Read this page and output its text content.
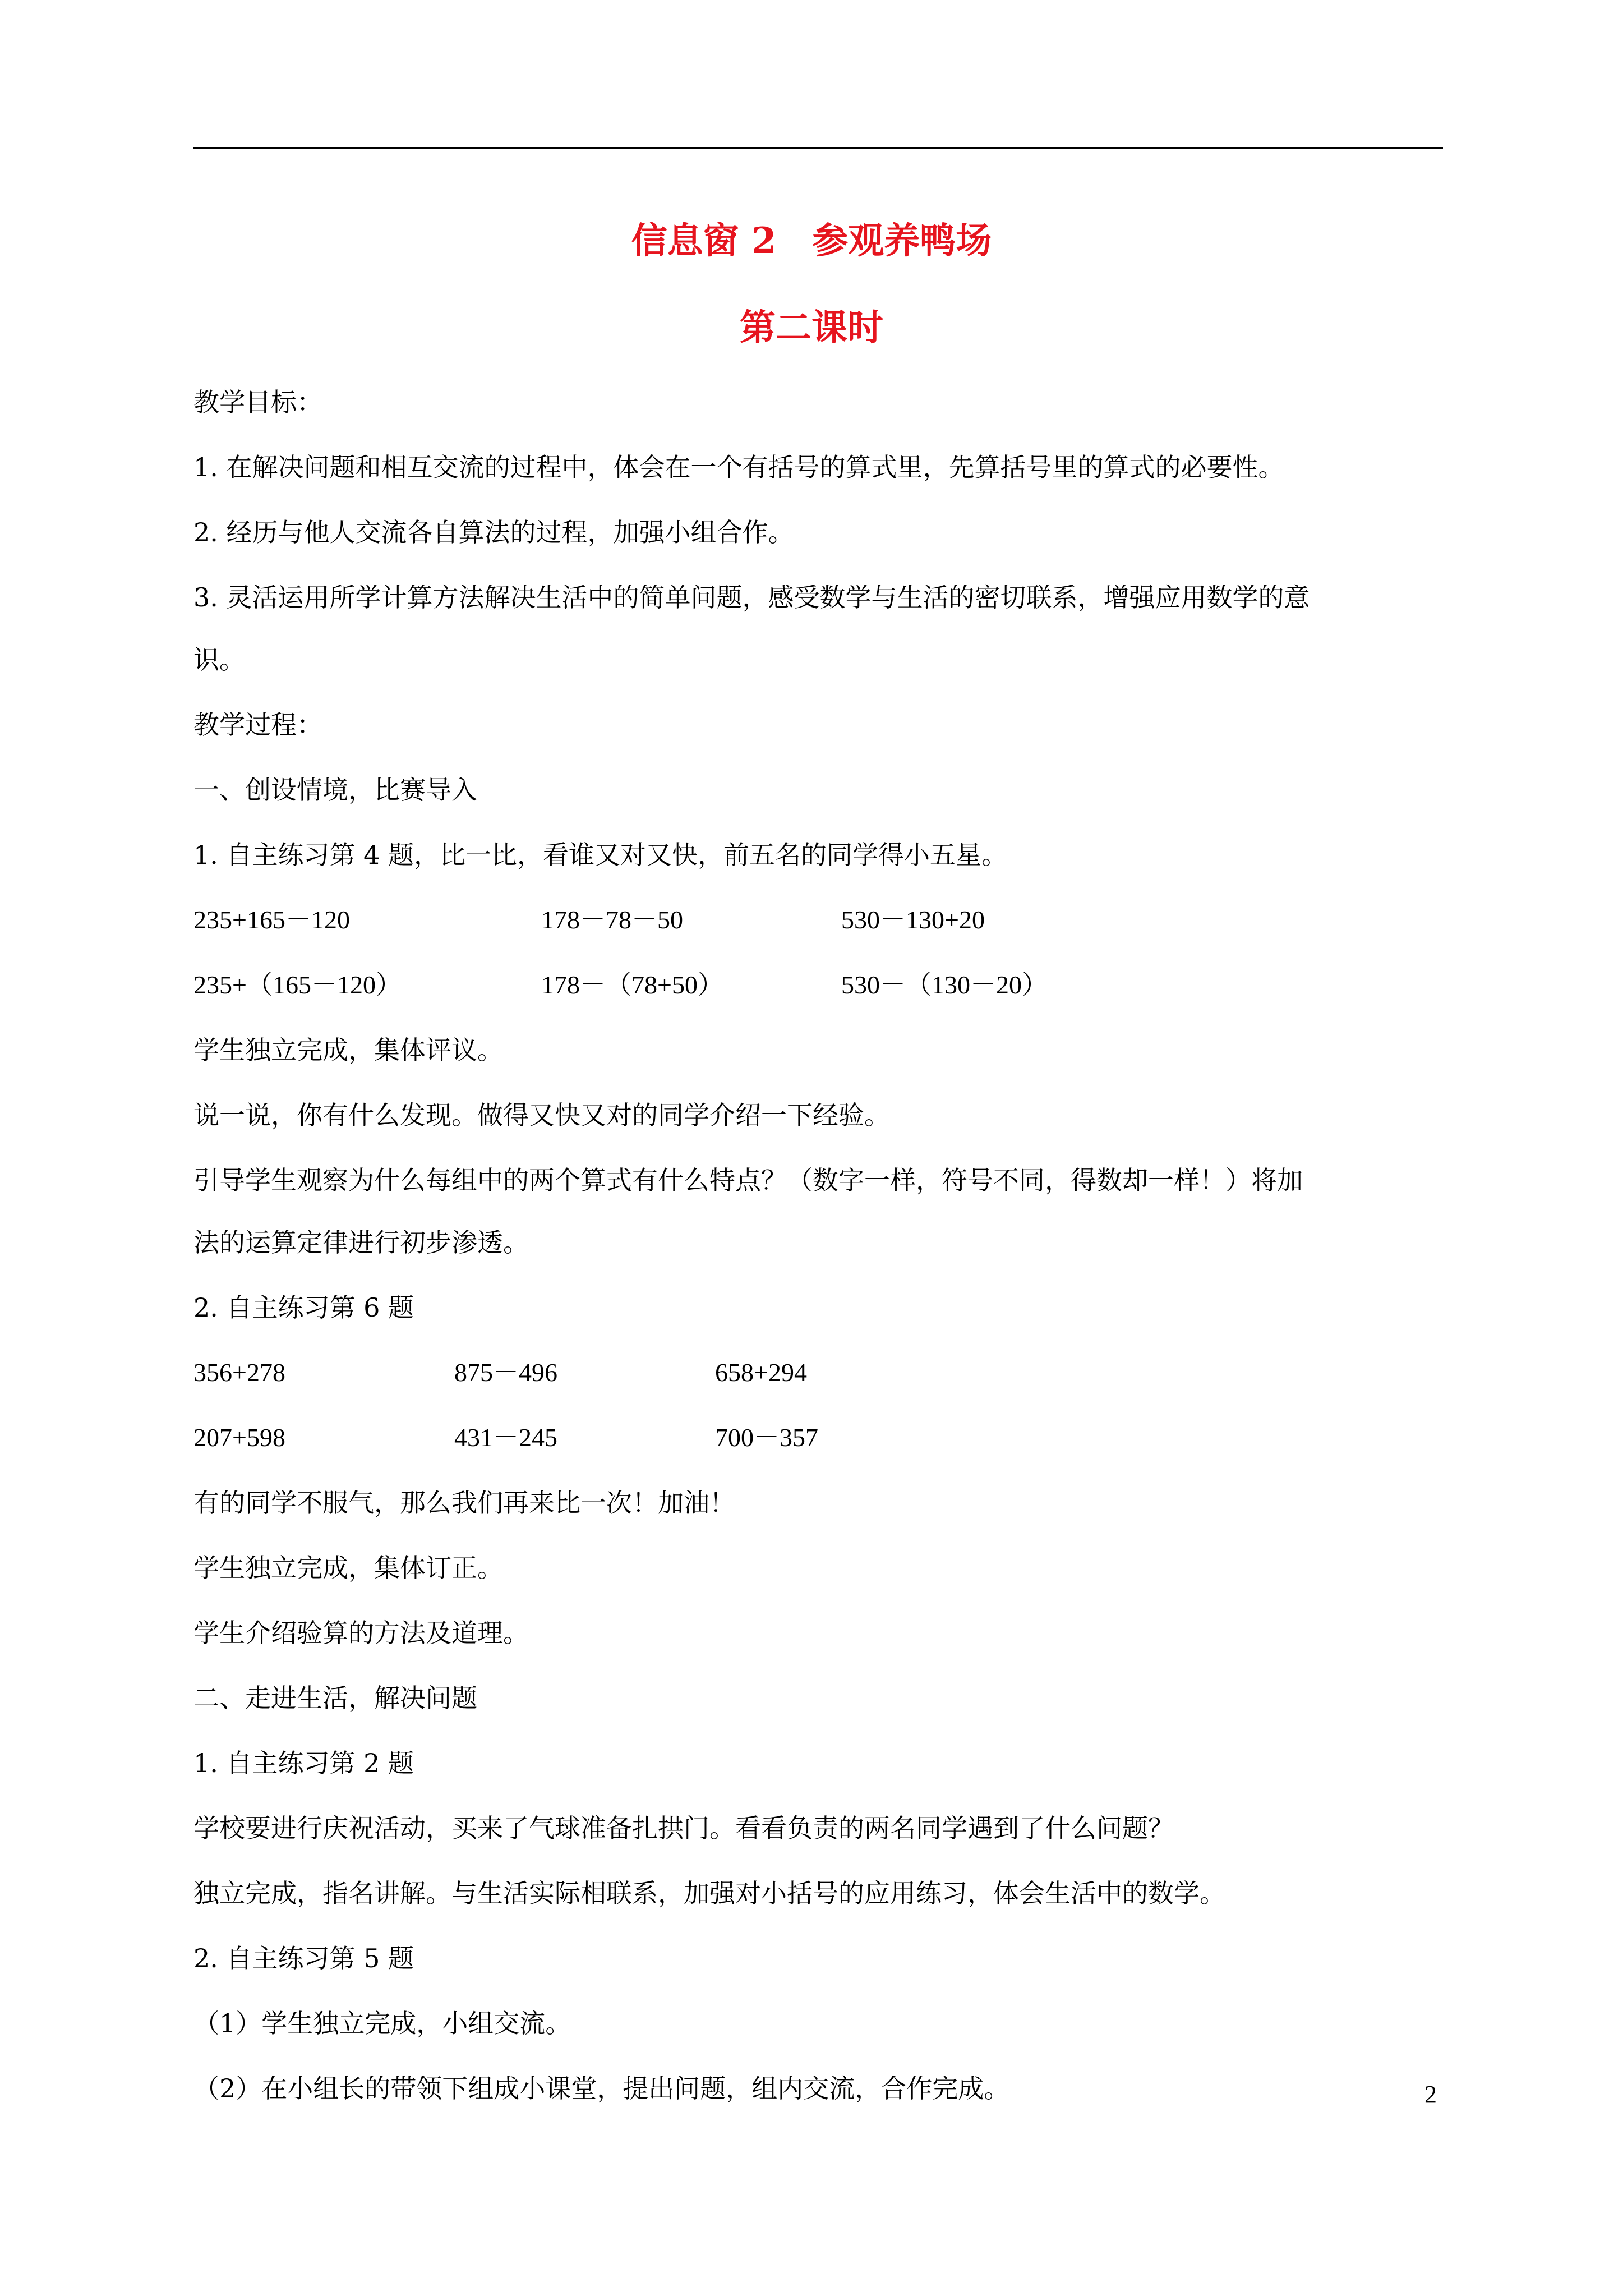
信息窗 2　参观养鸭场
第二课时
教学目标：
1. 在解决问题和相互交流的过程中，体会在一个有括号的算式里，先算括号里的算式的必要性。
2. 经历与他人交流各自算法的过程，加强小组合作。
3. 灵活运用所学计算方法解决生活中的简单问题，感受数学与生活的密切联系，增强应用数学的意
识。
教学过程：
一、创设情境，比赛导入
1. 自主练习第 4 题，比一比，看谁又对又快，前五名的同学得小五星。
235+165－120	178－78－50	530－130+20
235+（165－120）	178－（78+50）	530－（130－20）
学生独立完成，集体评议。
说一说，你有什么发现。做得又快又对的同学介绍一下经验。
引导学生观察为什么每组中的两个算式有什么特点？（数字一样，符号不同，得数却一样！）将加
法的运算定律进行初步渗透。
2. 自主练习第 6 题
356+278	875－496	658+294
207+598	431－245	700－357
有的同学不服气，那么我们再来比一次！加油！
学生独立完成，集体订正。
学生介绍验算的方法及道理。
二、走进生活，解决问题
1. 自主练习第 2 题
学校要进行庆祝活动，买来了气球准备扎拱门。看看负责的两名同学遇到了什么问题？
独立完成，指名讲解。与生活实际相联系，加强对小括号的应用练习，体会生活中的数学。
2. 自主练习第 5 题
（1）学生独立完成，小组交流。
（2）在小组长的带领下组成小课堂，提出问题，组内交流，合作完成。	2
